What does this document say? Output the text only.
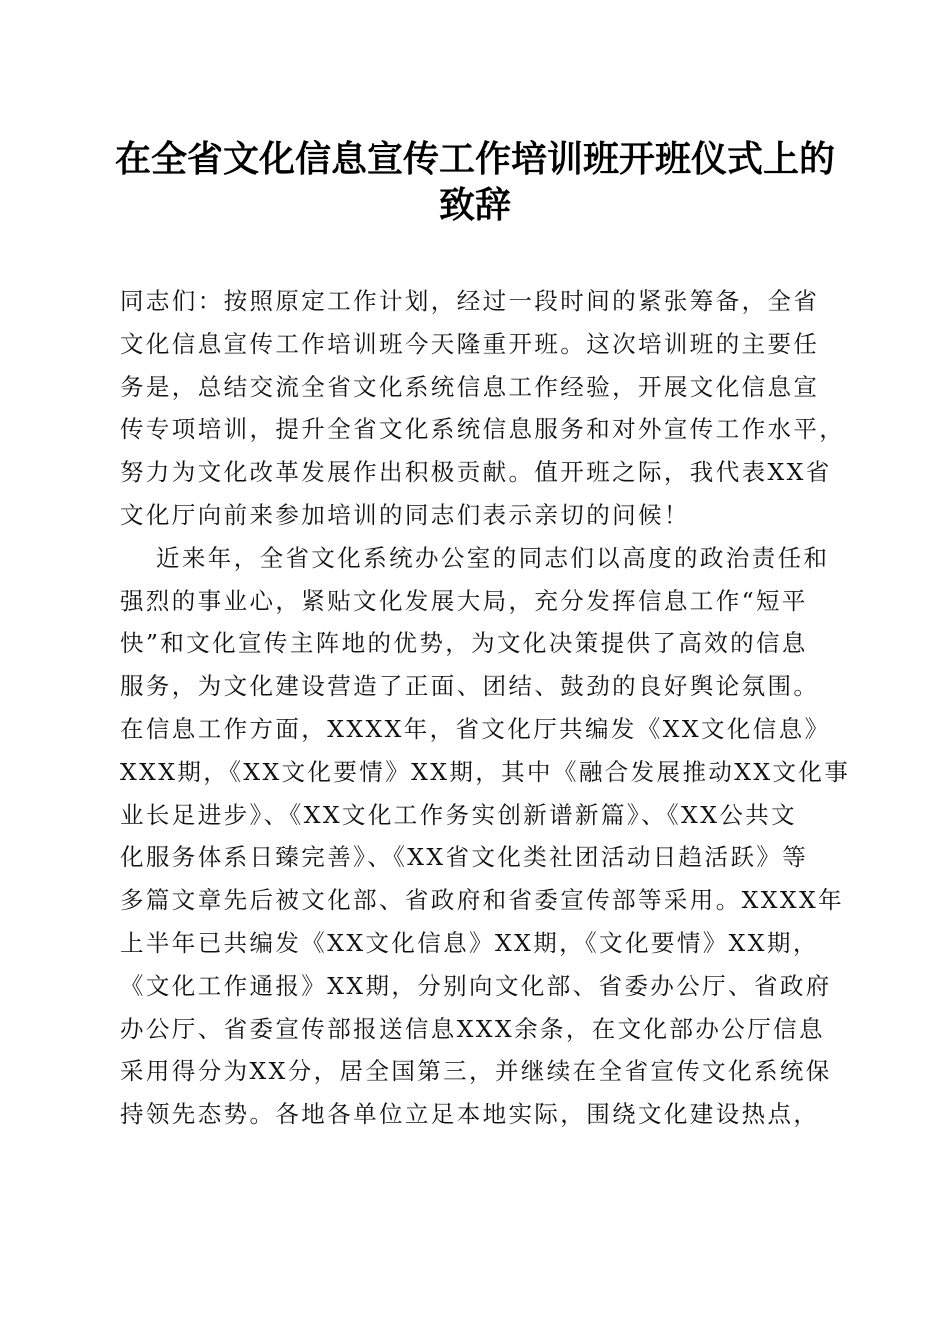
在全省文化信息宣传工作培训班开班仪式上的
致辞
同志们：按照原定工作计划，经过一段时间的紧张筹备，全省
文化信息宣传工作培训班今天隆重开班。这次培训班的主要任
务是，总结交流全省文化系统信息工作经验，开展文化信息宣
传专项培训，提升全省文化系统信息服务和对外宣传工作水平，
努力为文化改革发展作出积极贡献。值开班之际，我代表XX省
文化厅向前来参加培训的同志们表示亲切的问候！
近来年，全省文化系统办公室的同志们以高度的政治责任和
强烈的事业心，紧贴文化发展大局，充分发挥信息工作“短平
快”和文化宣传主阵地的优势，为文化决策提供了高效的信息
服务，为文化建设营造了正面、团结、鼓劲的良好舆论氛围。
在信息工作方面，XXXX年，省文化厅共编发《XX文化信息》
XXX期，《XX文化要情》XX期，其中《融合发展推动XX文化事
业长足进步》、《XX文化工作务实创新谱新篇》、《XX公共文
化服务体系日臻完善》、《XX省文化类社团活动日趋活跃》等
多篇文章先后被文化部、省政府和省委宣传部等采用。XXXX年
上半年已共编发《XX文化信息》XX期，《文化要情》XX期，
《文化工作通报》XX期，分别向文化部、省委办公厅、省政府
办公厅、省委宣传部报送信息XXX余条，在文化部办公厅信息
采用得分为XX分，居全国第三，并继续在全省宣传文化系统保
持领先态势。各地各单位立足本地实际，围绕文化建设热点，
